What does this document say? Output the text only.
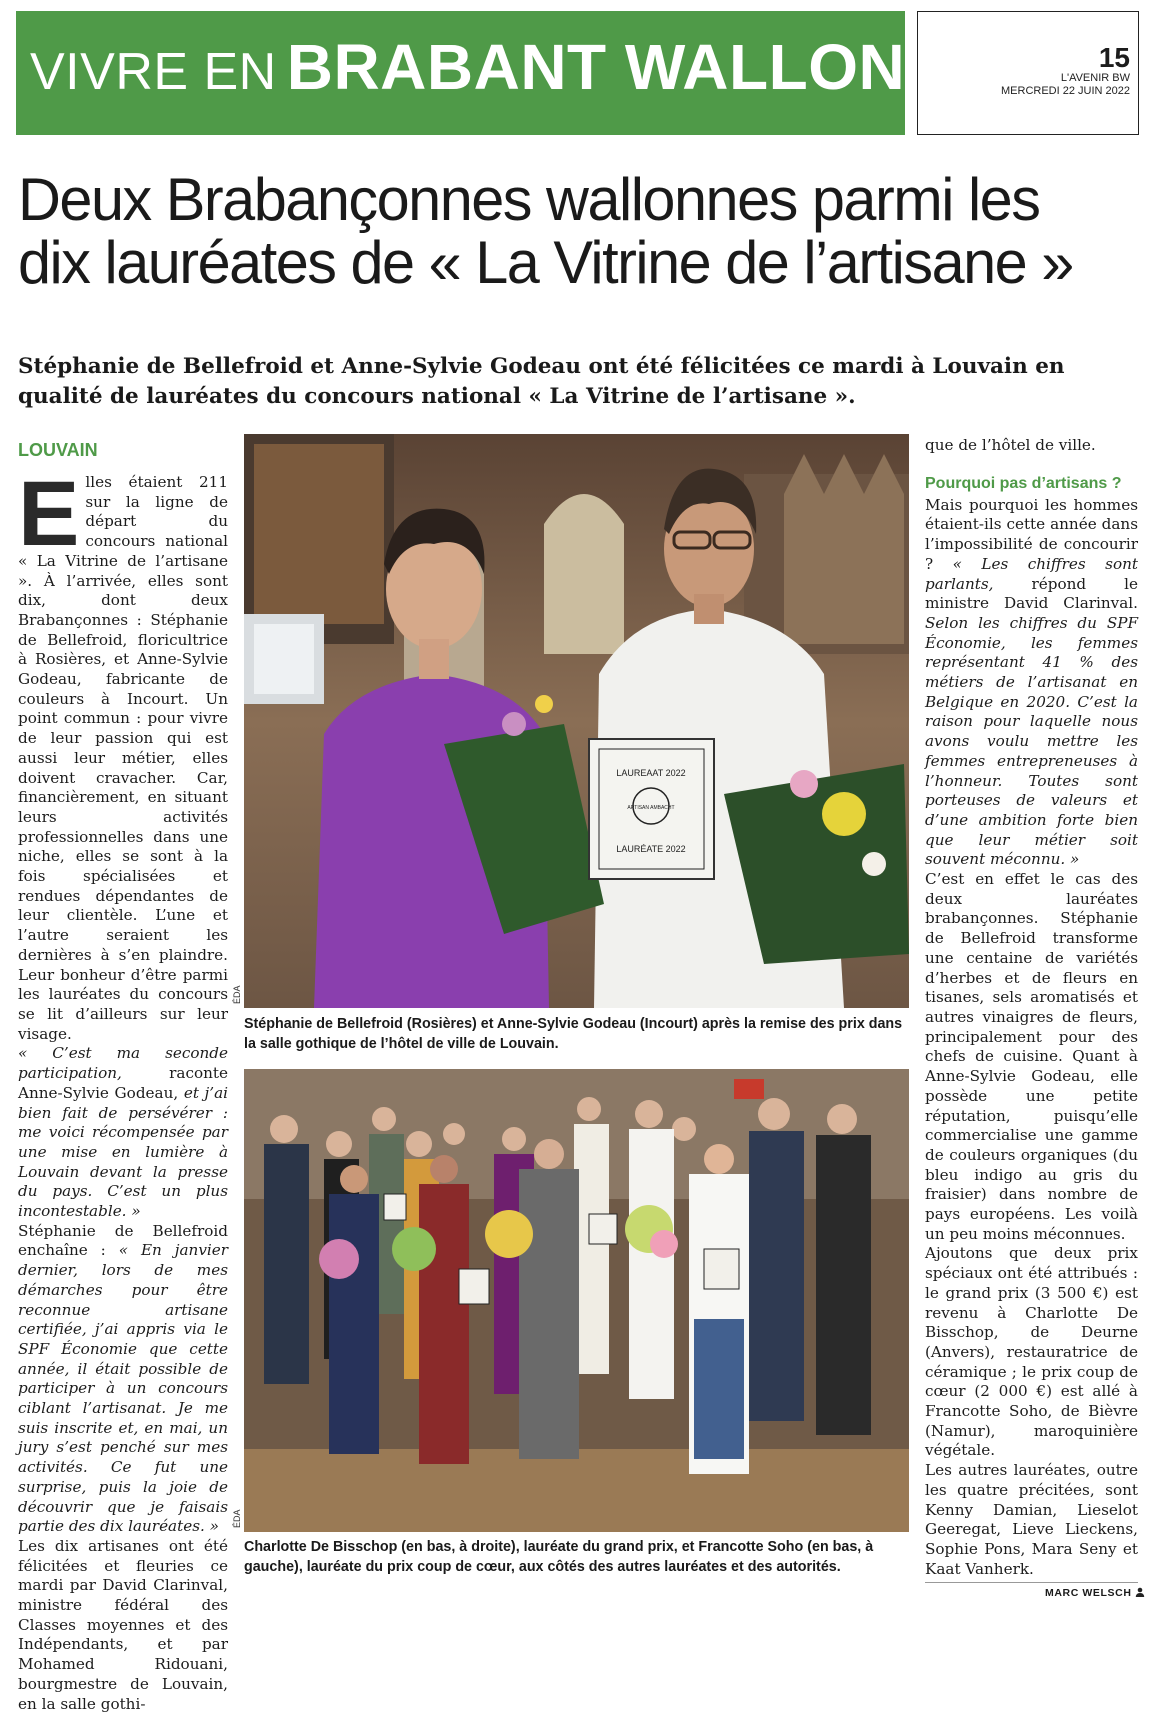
VIVRE EN BRABANT WALLON	15
L'AVENIR BW
MERCREDI 22 JUIN 2022
Deux Brabançonnes wallonnes parmi les
dix lauréates de « La Vitrine de l’artisane »
Stéphanie de Bellefroid et Anne-Sylvie Godeau ont été félicitées ce mardi à Louvain en qualité de lauréates du concours national « La Vitrine de l’artisane ».
LOUVAIN

Elles étaient 211 sur la ligne de départ du concours national « La Vitrine de l’artisane ». À l’arrivée, elles sont dix, dont deux Brabançonnes : Stéphanie de Bellefroid, floricultrice à Rosières, et Anne-Sylvie Godeau, fabricante de couleurs à Incourt. Un point commun : pour vivre de leur passion qui est aussi leur métier, elles doivent cravacher. Car, financièrement, en situant leurs activités professionnelles dans une niche, elles se sont à la fois spécialisées et rendues dépendantes de leur clientèle. L’une et l’autre seraient les dernières à s’en plaindre. Leur bonheur d’être parmi les lauréates du concours se lit d’ailleurs sur leur visage.

« C’est ma seconde participation, raconte Anne-Sylvie Godeau, et j’ai bien fait de persévérer : me voici récompensée par une mise en lumière à Louvain devant la presse du pays. C’est un plus incontestable. »

Stéphanie de Bellefroid enchaîne : « En janvier dernier, lors de mes démarches pour être reconnue artisane certifiée, j’ai appris via le SPF Économie que cette année, il était possible de participer à un concours ciblant l’artisanat. Je me suis inscrite et, en mai, un jury s’est penché sur mes activités. Ce fut une surprise, puis la joie de découvrir que je faisais partie des dix lauréates. »

Les dix artisanes ont été félicitées et fleuries ce mardi par David Clarinval, ministre fédéral des Classes moyennes et des Indépendants, et par Mohamed Ridouani, bourgmestre de Louvain, en la salle gothi-

LAUREAAT 2022
ARTISAN AMBACHT
LAURÉATE 2022
ÉDA
Stéphanie de Bellefroid (Rosières) et Anne-Sylvie Godeau (Incourt) après la remise des prix dans la salle gothique de l’hôtel de ville de Louvain.
ÉDA
Charlotte De Bisschop (en bas, à droite), lauréate du grand prix, et Francotte Soho (en bas, à gauche), lauréate du prix coup de cœur, aux côtés des autres lauréates et des autorités.

que de l’hôtel de ville.

Pourquoi pas d’artisans ?

Mais pourquoi les hommes étaient-ils cette année dans l’impossibilité de concourir ? « Les chiffres sont parlants, répond le ministre David Clarinval. Selon les chiffres du SPF Économie, les femmes représentant 41 % des métiers de l’artisanat en Belgique en 2020. C’est la raison pour laquelle nous avons voulu mettre les femmes entrepreneuses à l’honneur. Toutes sont porteuses de valeurs et d’une ambition forte bien que leur métier soit souvent méconnu. »

C’est en effet le cas des deux lauréates brabançonnes. Stéphanie de Bellefroid transforme une centaine de variétés d’herbes et de fleurs en tisanes, sels aromatisés et autres vinaigres de fleurs, principalement pour des chefs de cuisine. Quant à Anne-Sylvie Godeau, elle possède une petite réputation, puisqu’elle commercialise une gamme de couleurs organiques (du bleu indigo au gris du fraisier) dans nombre de pays européens. Les voilà un peu moins méconnues.

Ajoutons que deux prix spéciaux ont été attribués : le grand prix (3 500 €) est revenu à Charlotte De Bisschop, de Deurne (Anvers), restauratrice de céramique ; le prix coup de cœur (2 000 €) est allé à Francotte Soho, de Bièvre (Namur), maroquinière végétale.

Les autres lauréates, outre les quatre précitées, sont Kenny Damian, Lieselot Geeregat, Lieve Lieckens, Sophie Pons, Mara Seny et Kaat Vanherk.

MARC WELSCH
